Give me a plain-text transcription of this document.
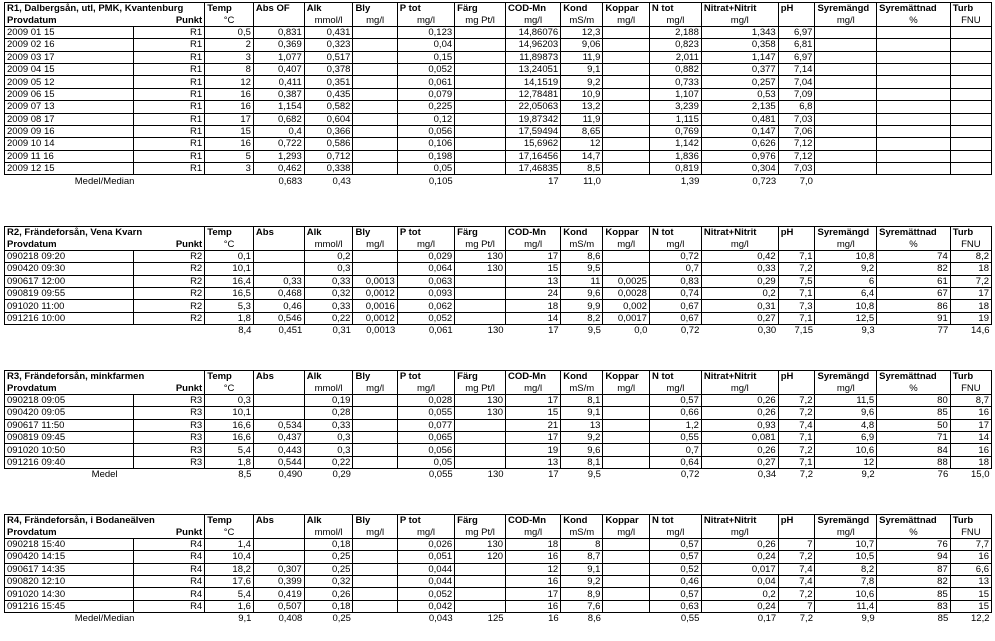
R1, Dalbergsån, utl, PMK, Kvantenburg		Temp	Abs OF	Alk	Bly	P tot	Färg	COD-Mn	Kond	Koppar	N tot	Nitrat+Nitrit	pH	Syremängd	Syremättnad	Turb
Provdatum	Punkt	°C		mmol/l	mg/l	mg/l	mg Pt/l	mg/l	mS/m	mg/l	mg/l	mg/l		mg/l	%	FNU
2009 01 15	R1	0,5	0,831	0,431		0,123		14,86076	12,3		2,188	1,343	6,97			
2009 02 16	R1	2	0,369	0,323		0,04		14,96203	9,06		0,823	0,358	6,81			
2009 03 17	R1	3	1,077	0,517		0,15		11,89873	11,9		2,011	1,147	6,97			
2009 04 15	R1	8	0,407	0,378		0,052		13,24051	9,1		0,882	0,377	7,14			
2009 05 12	R1	12	0,411	0,351		0,061		14,1519	9,2		0,733	0,257	7,04			
2009 06 15	R1	16	0,387	0,435		0,079		12,78481	10,9		1,107	0,53	7,09			
2009 07 13	R1	16	1,154	0,582		0,225		22,05063	13,2		3,239	2,135	6,8			
2009 08 17	R1	17	0,682	0,604		0,12		19,87342	11,9		1,115	0,481	7,03			
2009 09 16	R1	15	0,4	0,366		0,056		17,59494	8,65		0,769	0,147	7,06			
2009 10 14	R1	16	0,722	0,586		0,106		15,6962	12		1,142	0,626	7,12			
2009 11 16	R1	5	1,293	0,712		0,198		17,16456	14,7		1,836	0,976	7,12			
2009 12 15	R1	3	0,462	0,338		0,05		17,46835	8,5		0,819	0,304	7,03			
Medel/Median			0,683	0,43		0,105		17	11,0		1,39	0,723	7,0			
R2, Frändeforsån, Vena Kvarn		Temp	Abs	Alk	Bly	P tot	Färg	COD-Mn	Kond	Koppar	N tot	Nitrat+Nitrit	pH	Syremängd	Syremättnad	Turb
Provdatum	Punkt	°C		mmol/l	mg/l	mg/l	mg Pt/l	mg/l	mS/m	mg/l	mg/l	mg/l		mg/l	%	FNU
090218 09:20	R2	0,1		0,2		0,029	130	17	8,6		0,72	0,42	7,1	10,8	74	8,2
090420 09:30	R2	10,1		0,3		0,064	130	15	9,5		0,7	0,33	7,2	9,2	82	18
090617 12:00	R2	16,4	0,33	0,33	0,0013	0,063		13	11	0,0025	0,83	0,29	7,5	6	61	7,2
090819 09:55	R2	16,5	0,468	0,32	0,0012	0,093		24	9,6	0,0028	0,74	0,2	7,1	6,4	67	17
091020 11:00	R2	5,3	0,46	0,33	0,0016	0,062		18	9,9	0,002	0,67	0,31	7,3	10,8	86	18
091216 10:00	R2	1,8	0,546	0,22	0,0012	0,052		14	8,2	0,0017	0,67	0,27	7,1	12,5	91	19
		8,4	0,451	0,31	0,0013	0,061	130	17	9,5	0,0	0,72	0,30	7,15	9,3	77	14,6
R3, Frändeforsån, minkfarmen		Temp	Abs	Alk	Bly	P tot	Färg	COD-Mn	Kond	Koppar	N tot	Nitrat+Nitrit	pH	Syremängd	Syremättnad	Turb
Provdatum	Punkt	°C		mmol/l	mg/l	mg/l	mg Pt/l	mg/l	mS/m	mg/l	mg/l	mg/l		mg/l	%	FNU
090218 09:05	R3	0,3		0,19		0,028	130	17	8,1		0,57	0,26	7,2	11,5	80	8,7
090420 09:05	R3	10,1		0,28		0,055	130	15	9,1		0,66	0,26	7,2	9,6	85	16
090617 11:50	R3	16,6	0,534	0,33		0,077		21	13		1,2	0,93	7,4	4,8	50	17
090819 09:45	R3	16,6	0,437	0,3		0,065		17	9,2		0,55	0,081	7,1	6,9	71	14
091020 10:50	R3	5,4	0,443	0,3		0,056		19	9,6		0,7	0,26	7,2	10,6	84	16
091216 09:40	R3	1,8	0,544	0,22		0,05		13	8,1		0,64	0,27	7,1	12	88	18
Medel		8,5	0,490	0,29		0,055	130	17	9,5		0,72	0,34	7,2	9,2	76	15,0
R4, Frändeforsån, i Bodaneälven		Temp	Abs	Alk	Bly	P tot	Färg	COD-Mn	Kond	Koppar	N tot	Nitrat+Nitrit	pH	Syremängd	Syremättnad	Turb
Provdatum	Punkt	°C		mmol/l	mg/l	mg/l	mg Pt/l	mg/l	mS/m	mg/l	mg/l	mg/l		mg/l	%	FNU
090218 15:40	R4	1,4		0,18		0,026	130	18	8		0,57	0,26	7	10,7	76	7,7
090420 14:15	R4	10,4		0,25		0,051	120	16	8,7		0,57	0,24	7,2	10,5	94	16
090617 14:35	R4	18,2	0,307	0,25		0,044		12	9,1		0,52	0,017	7,4	8,2	87	6,6
090820 12:10	R4	17,6	0,399	0,32		0,044		16	9,2		0,46	0,04	7,4	7,8	82	13
091020 14:30	R4	5,4	0,419	0,26		0,052		17	8,9		0,57	0,2	7,2	10,6	85	15
091216 15:45	R4	1,6	0,507	0,18		0,042		16	7,6		0,63	0,24	7	11,4	83	15
Medel/Median		9,1	0,408	0,25		0,043	125	16	8,6		0,55	0,17	7,2	9,9	85	12,2
